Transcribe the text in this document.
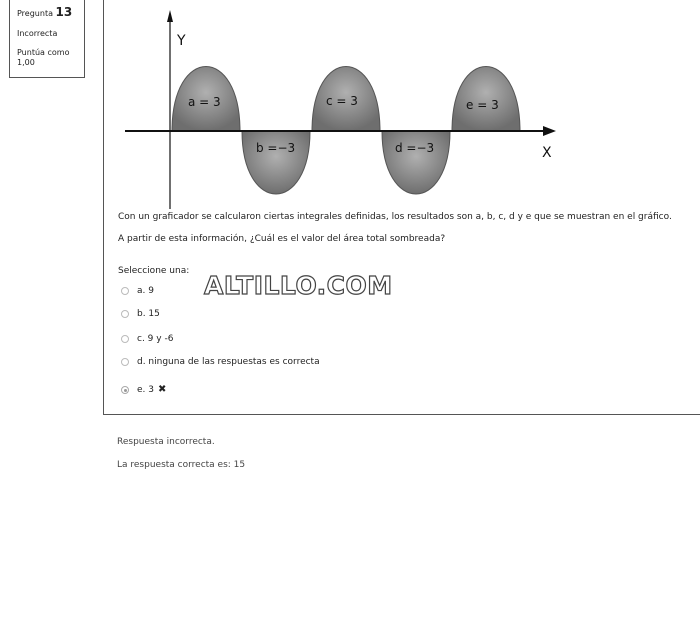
Pregunta 13
Incorrecta
Puntúa como
1,00
Y
X
a = 3
b =−3
c = 3
d =−3
e = 3
Con un graficador se calcularon ciertas integrales definidas, los resultados son a, b, c, d y e que se muestran en el gráfico.
A partir de esta información, ¿Cuál es el valor del área total sombreada?
Seleccione una: ALTILLO.COM
a. 9
b. 15
c. 9 y -6
d. ninguna de las respuestas es correcta
e. 3 ✖
Respuesta incorrecta.
La respuesta correcta es: 15
